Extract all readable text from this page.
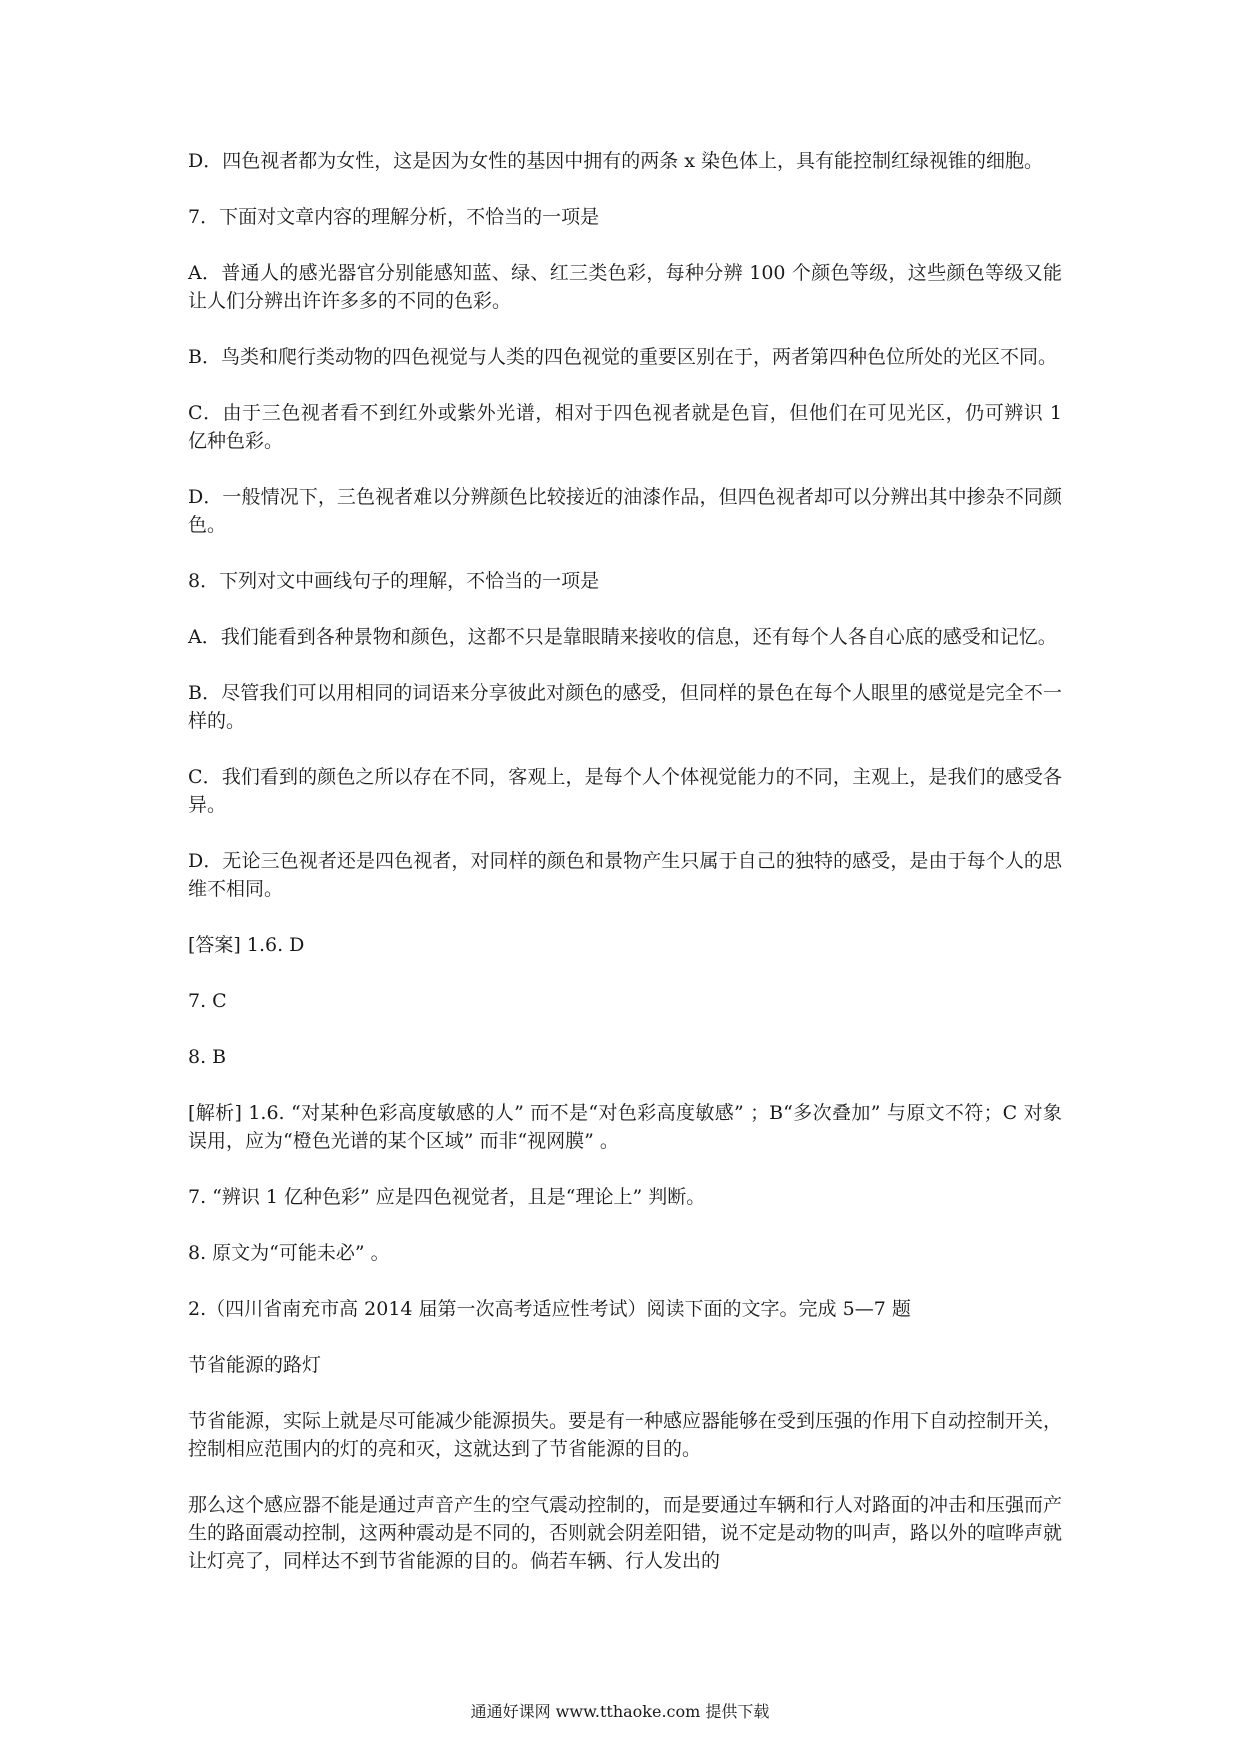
D．四色视者都为女性，这是因为女性的基因中拥有的两条 x 染色体上，具有能控制红绿视锥的细胞。

7．下面对文章内容的理解分析，不恰当的一项是

A．普通人的感光器官分别能感知蓝、绿、红三类色彩，每种分辨 100 个颜色等级，这些颜色等级又能让人们分辨出许许多多的不同的色彩。

B．鸟类和爬行类动物的四色视觉与人类的四色视觉的重要区别在于，两者第四种色位所处的光区不同。

C．由于三色视者看不到红外或紫外光谱，相对于四色视者就是色盲，但他们在可见光区，仍可辨识 1 亿种色彩。

D．一般情况下，三色视者难以分辨颜色比较接近的油漆作品，但四色视者却可以分辨出其中掺杂不同颜色。

8．下列对文中画线句子的理解，不恰当的一项是

A．我们能看到各种景物和颜色，这都不只是靠眼睛来接收的信息，还有每个人各自心底的感受和记忆。

B．尽管我们可以用相同的词语来分享彼此对颜色的感受，但同样的景色在每个人眼里的感觉是完全不一样的。

C．我们看到的颜色之所以存在不同，客观上，是每个人个体视觉能力的不同，主观上，是我们的感受各异。

D．无论三色视者还是四色视者，对同样的颜色和景物产生只属于自己的独特的感受，是由于每个人的思维不相同。

[答案] 1.6. D

7. C

8. B

[解析] 1.6. “对某种色彩高度敏感的人” 而不是“对色彩高度敏感” ；B“多次叠加” 与原文不符；C 对象误用，应为“橙色光谱的某个区域” 而非“视网膜” 。

7. “辨识 1 亿种色彩” 应是四色视觉者，且是“理论上” 判断。

8. 原文为“可能未必” 。

2.（四川省南充市高 2014 届第一次高考适应性考试）阅读下面的文字。完成 5—7 题

节省能源的路灯

节省能源，实际上就是尽可能减少能源损失。要是有一种感应器能够在受到压强的作用下自动控制开关，控制相应范围内的灯的亮和灭，这就达到了节省能源的目的。

那么这个感应器不能是通过声音产生的空气震动控制的，而是要通过车辆和行人对路面的冲击和压强而产生的路面震动控制，这两种震动是不同的，否则就会阴差阳错，说不定是动物的叫声，路以外的喧哗声就让灯亮了，同样达不到节省能源的目的。倘若车辆、行人发出的

通通好课网 www.tthaoke.com 提供下载
